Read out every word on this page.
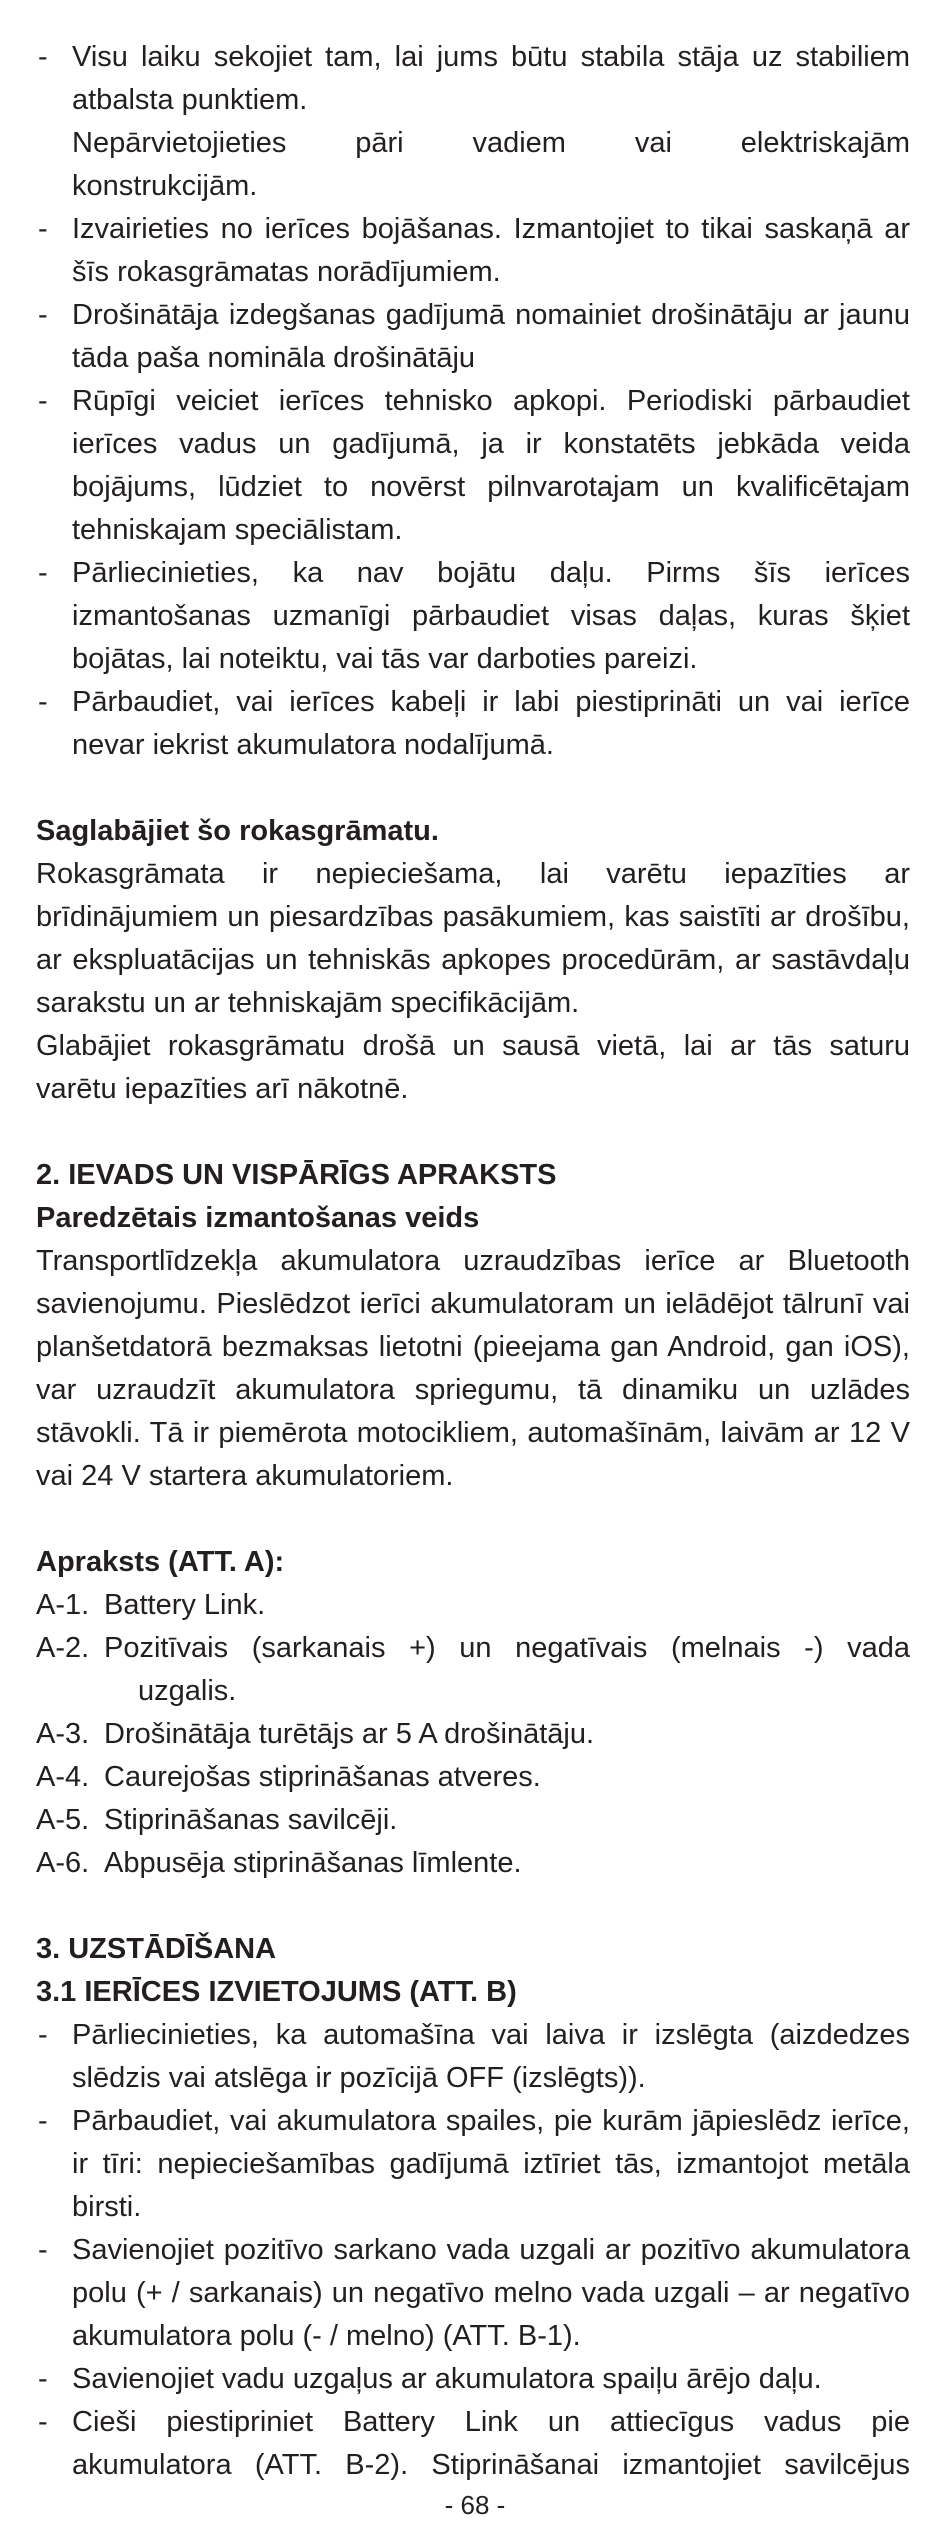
- Visu laiku sekojiet tam, lai jums būtu stabila stāja uz stabiliem atbalsta punktiem.
Nepārvietojieties pāri vadiem vai elektriskajām
konstrukcijām.
- Izvairieties no ierīces bojāšanas. Izmantojiet to tikai saskaņā ar šīs rokasgrāmatas norādījumiem.
- Drošinātāja izdegšanas gadījumā nomainiet drošinātāju ar jaunu tāda paša nomināla drošinātāju
- Rūpīgi veiciet ierīces tehnisko apkopi. Periodiski pārbaudiet ierīces vadus un gadījumā, ja ir konstatēts jebkāda veida bojājums, lūdziet to novērst pilnvarotajam un kvalificētajam tehniskajam speciālistam.
- Pārliecinieties, ka nav bojātu daļu. Pirms šīs ierīces izmantošanas uzmanīgi pārbaudiet visas daļas, kuras šķiet bojātas, lai noteiktu, vai tās var darboties pareizi.
- Pārbaudiet, vai ierīces kabeļi ir labi piestiprināti un vai ierīce nevar iekrist akumulatora nodalījumā.

Saglabājiet šo rokasgrāmatu.

Rokasgrāmata ir nepieciešama, lai varētu iepazīties ar brīdinājumiem un piesardzības pasākumiem, kas saistīti ar drošību, ar ekspluatācijas un tehniskās apkopes procedūrām, ar sastāvdaļu sarakstu un ar tehniskajām specifikācijām.

Glabājiet rokasgrāmatu drošā un sausā vietā, lai ar tās saturu varētu iepazīties arī nākotnē.

2. IEVADS UN VISPĀRĪGS APRAKSTS

Paredzētais izmantošanas veids

Transportlīdzekļa akumulatora uzraudzības ierīce ar Bluetooth savienojumu. Pieslēdzot ierīci akumulatoram un ielādējot tālrunī vai planšetdatorā bezmaksas lietotni (pieejama gan Android, gan iOS), var uzraudzīt akumulatora spriegumu, tā dinamiku un uzlādes stāvokli. Tā ir piemērota motocikliem, automašīnām, laivām ar 12 V vai 24 V startera akumulatoriem.

Apraksts (ATT. A):

A-1. Battery Link.
A-2. Pozitīvais (sarkanais +) un negatīvais (melnais -) vada
uzgalis.
A-3. Drošinātāja turētājs ar 5 A drošinātāju.
A-4. Caurejošas stiprināšanas atveres.
A-5. Stiprināšanas savilcēji.
A-6. Abpusēja stiprināšanas līmlente.

3. UZSTĀDĪŠANA

3.1 IERĪCES IZVIETOJUMS (ATT. B)

- Pārliecinieties, ka automašīna vai laiva ir izslēgta (aizdedzes slēdzis vai atslēga ir pozīcijā OFF (izslēgts)).
- Pārbaudiet, vai akumulatora spailes, pie kurām jāpieslēdz ierīce, ir tīri: nepieciešamības gadījumā iztīriet tās, izmantojot metāla birsti.
- Savienojiet pozitīvo sarkano vada uzgali ar pozitīvo akumulatora polu (+ / sarkanais) un negatīvo melno vada uzgali – ar negatīvo akumulatora polu (- / melno) (ATT. B-1).
- Savienojiet vadu uzgaļus ar akumulatora spaiļu ārējo daļu.
- Cieši piestipriniet Battery Link un attiecīgus vadus pie akumulatora (ATT. B-2). Stiprināšanai izmantojiet savilcējus
- 68 -
